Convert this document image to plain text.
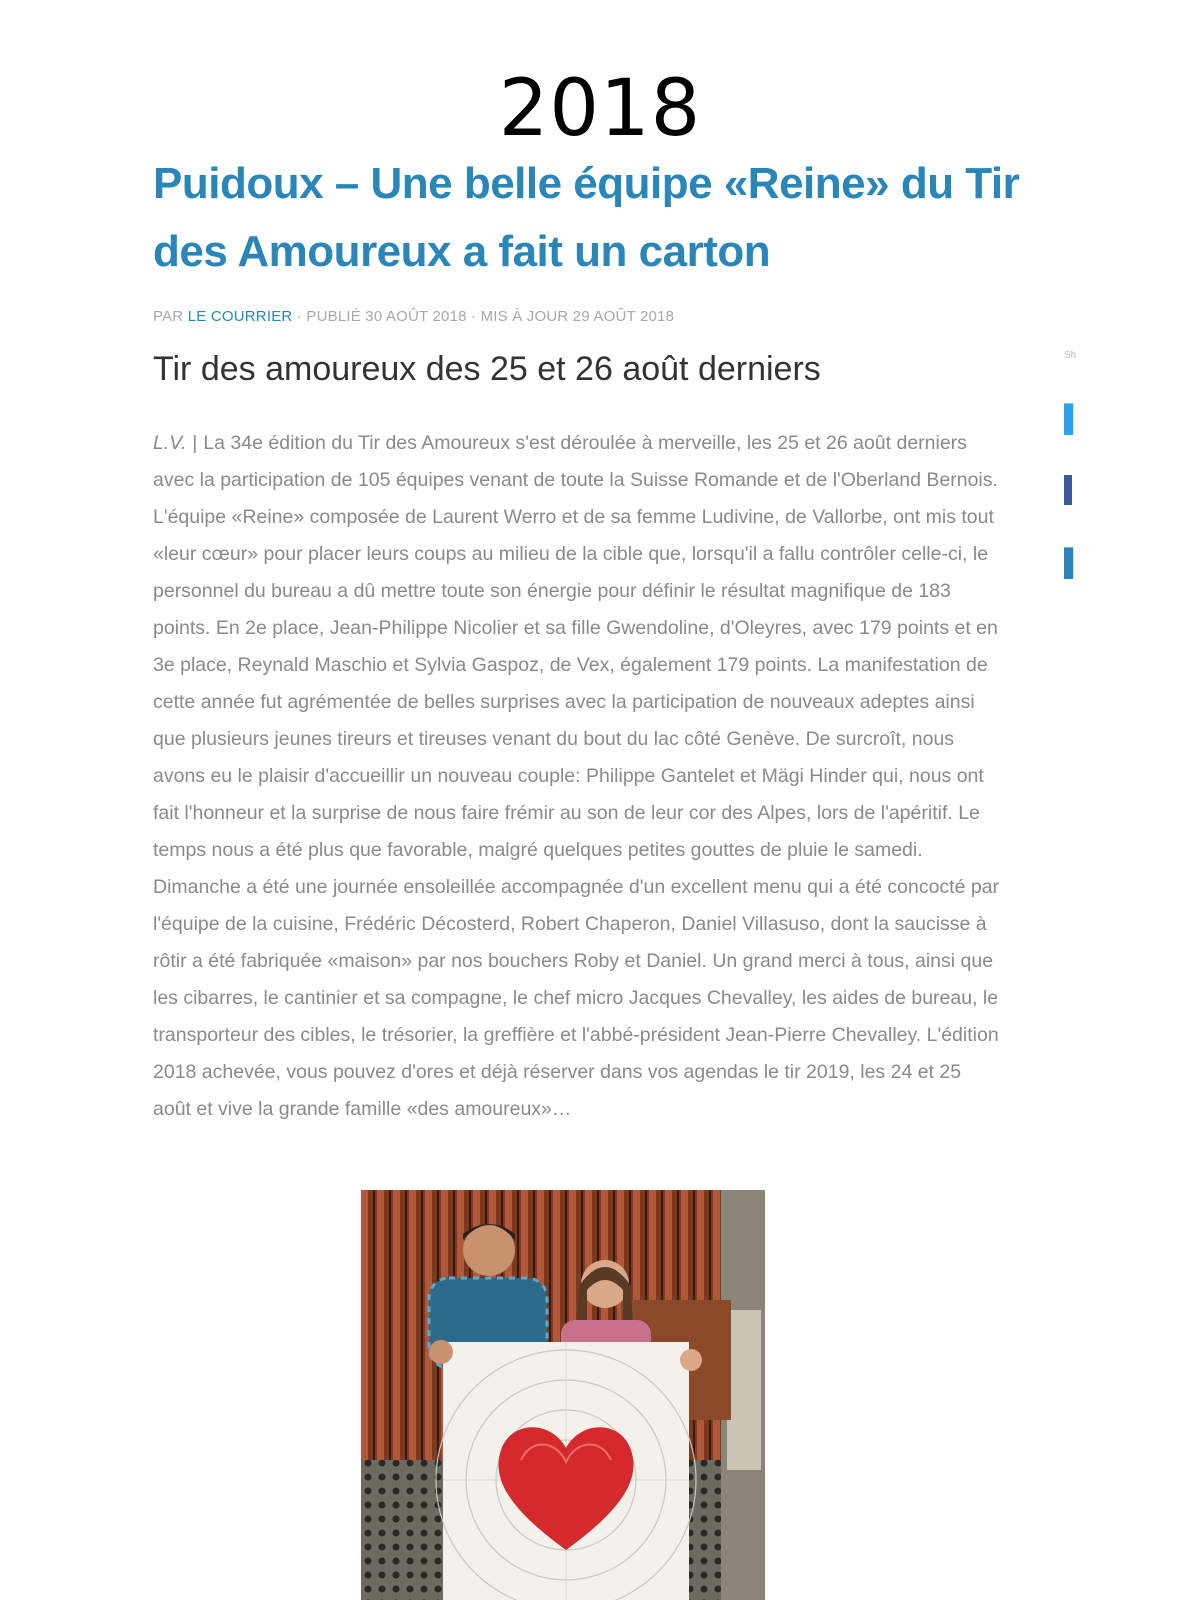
2018
Puidoux – Une belle équipe «Reine» du Tir des Amoureux a fait un carton
PAR LE COURRIER · PUBLIÉ 30 AOÛT 2018 · MIS À JOUR 29 AOÛT 2018
Tir des amoureux des 25 et 26 août derniers
L.V. | La 34e édition du Tir des Amoureux s'est déroulée à merveille, les 25 et 26 août derniers avec la participation de 105 équipes venant de toute la Suisse Romande et de l'Oberland Bernois. L'équipe «Reine» composée de Laurent Werro et de sa femme Ludivine, de Vallorbe, ont mis tout «leur cœur» pour placer leurs coups au milieu de la cible que, lorsqu'il a fallu contrôler celle-ci, le personnel du bureau a dû mettre toute son énergie pour définir le résultat magnifique de 183 points. En 2e place, Jean-Philippe Nicolier et sa fille Gwendoline, d'Oleyres, avec 179 points et en 3e place, Reynald Maschio et Sylvia Gaspoz, de Vex, également 179 points. La manifestation de cette année fut agrémentée de belles surprises avec la participation de nouveaux adeptes ainsi que plusieurs jeunes tireurs et tireuses venant du bout du lac côté Genève. De surcroît, nous avons eu le plaisir d'accueillir un nouveau couple: Philippe Gantelet et Mägi Hinder qui, nous ont fait l'honneur et la surprise de nous faire frémir au son de leur cor des Alpes, lors de l'apéritif. Le temps nous a été plus que favorable, malgré quelques petites gouttes de pluie le samedi. Dimanche a été une journée ensoleillée accompagnée d'un excellent menu qui a été concocté par l'équipe de la cuisine, Frédéric Décosterd, Robert Chaperon, Daniel Villasuso, dont la saucisse à rôtir a été fabriquée «maison» par nos bouchers Roby et Daniel. Un grand merci à tous, ainsi que les cibarres, le cantinier et sa compagne, le chef micro Jacques Chevalley, les aides de bureau, le transporteur des cibles, le trésorier, la greffière et l'abbé-président Jean-Pierre Chevalley. L'édition 2018 achevée, vous pouvez d'ores et déjà réserver dans vos agendas le tir 2019, les 24 et 25 août et vive la grande famille «des amoureux»…
Sh
▌
▌
